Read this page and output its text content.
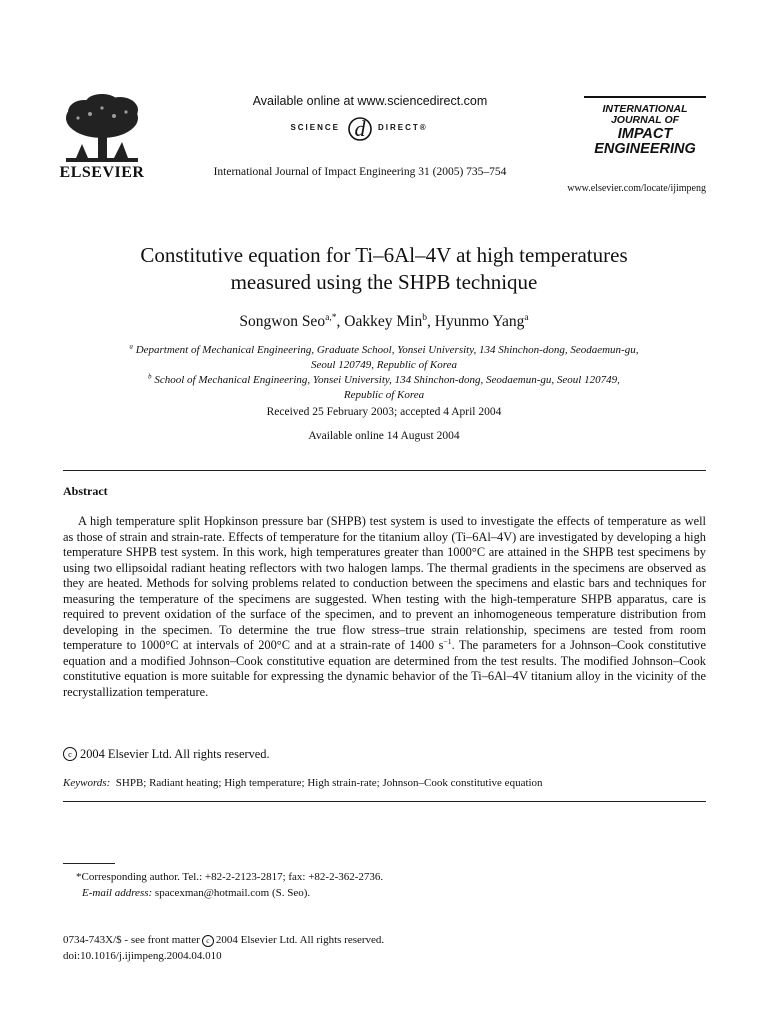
ELSEVIER
Available online at www.sciencedirect.com
SCIENCE d DIRECT®
International Journal of Impact Engineering 31 (2005) 735–754
INTERNATIONAL
JOURNAL OF
IMPACT
ENGINEERING
www.elsevier.com/locate/ijimpeng
Constitutive equation for Ti–6Al–4V at high temperatures
measured using the SHPB technique
Songwon Seo$^{a,*}$, Oakkey Min$^b$, Hyunmo Yang$^a$
$^a$ Department of Mechanical Engineering, Graduate School, Yonsei University, 134 Shinchon-dong, Seodaemun-gu,
Seoul 120749, Republic of Korea
$^b$ School of Mechanical Engineering, Yonsei University, 134 Shinchon-dong, Seodaemun-gu, Seoul 120749,
Republic of Korea
Received 25 February 2003; accepted 4 April 2004
Available online 14 August 2004
Abstract

A high temperature split Hopkinson pressure bar (SHPB) test system is used to investigate the effects of temperature as well as those of strain and strain-rate. Effects of temperature for the titanium alloy (Ti–6Al–4V) are investigated by developing a high temperature SHPB test system. In this work, high temperatures greater than 1000°C are attained in the SHPB test specimens by using two ellipsoidal radiant heating reflectors with two halogen lamps. The thermal gradients in the specimens are observed as they are heated. Methods for solving problems related to conduction between the specimens and elastic bars and techniques for measuring the temperature of the specimens are suggested. When testing with the high-temperature SHPB apparatus, care is required to prevent oxidation of the surface of the specimen, and to prevent an inhomogeneous temperature distribution from developing in the specimen. To determine the true flow stress–true strain relationship, specimens are tested from room temperature to 1000°C at intervals of 200°C and at a strain-rate of 1400 $s^{-1}$. The parameters for a Johnson–Cook constitutive equation and a modified Johnson–Cook constitutive equation are determined from the test results. The modified Johnson–Cook constitutive equation is more suitable for expressing the dynamic behavior of the Ti–6Al–4V titanium alloy in the vicinity of the recrystallization temperature.

c 2004 Elsevier Ltd. All rights reserved.
Keywords: SHPB; Radiant heating; High temperature; High strain-rate; Johnson–Cook constitutive equation
*Corresponding author. Tel.: +82-2-2123-2817; fax: +82-2-362-2736.
E-mail address: spacexman@hotmail.com (S. Seo).
0734-743X/$ - see front matter c 2004 Elsevier Ltd. All rights reserved.
doi:10.1016/j.ijimpeng.2004.04.010
